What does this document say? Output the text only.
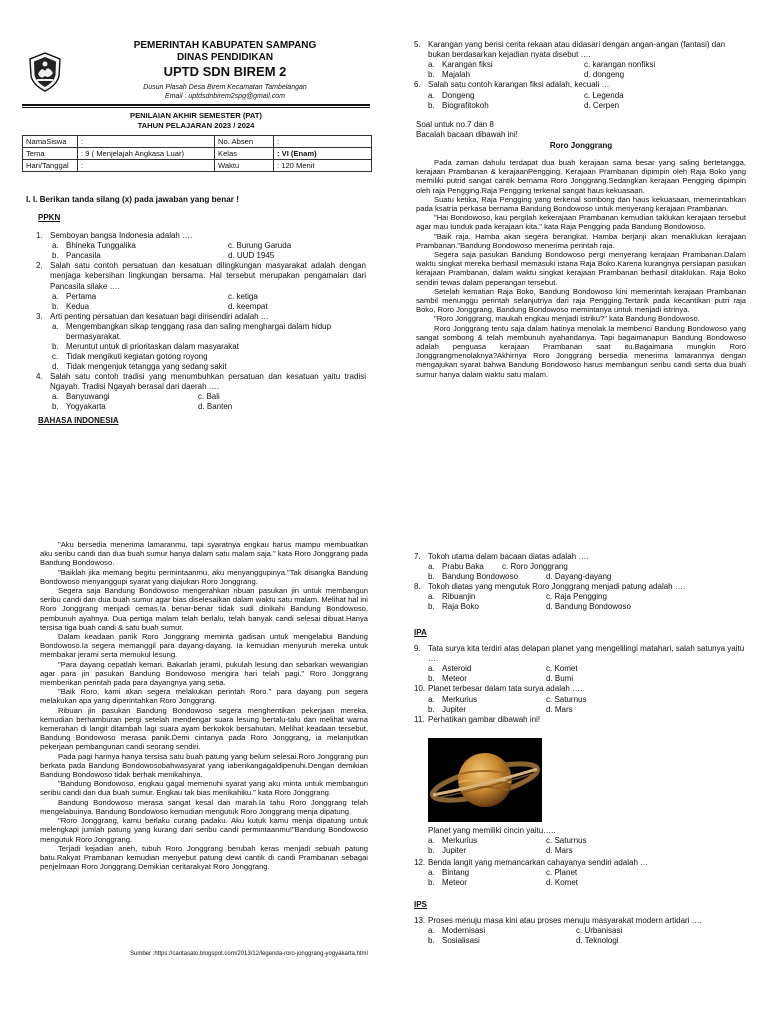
PEMERINTAH KABUPATEN SAMPANG
DINAS PENDIDIKAN
UPTD SDN BIREM 2
Dusun Plasah Desa Birem Kecamatan Tambelangan
Email : uptdsdnbirem2spg@gmail.com
PENILAIAN AKHIR SEMESTER (PAT)
TAHUN PELAJARAN 2023 / 2024
NamaSiswa	:	No. Absen	:
Tema	: 9 ( Menjelajah Angkasa Luar)	Kelas	: VI (Enam)
Hari/Tanggal	:	Waktu	: 120 Menit
I. I. Berikan tanda silang (x) pada jawaban yang benar !
PPKN
1. Semboyan bangsa Indonesia adalah ….
a. Bhineka Tunggalika	c. Burung Garuda
b. Pancasila	d. UUD 1945
2. Salah satu contoh persatuan dan kesatuan dilingkungan masyarakat adalah dengan menjaga kebersihan lingkungan bersama. Hal tersebut merupakan pengamalan dari Pancasila silake ….
a. Pertama	c. ketiga
b. Kedua	d. keempat
3. Arti penting persatuan dan kesatuan bagi dirisendiri adalah …
a. Mengembangkan sikap tenggang rasa dan saling menghargai dalam hidup bermasyarakat.
b. Meruntut untuk di prioritaskan dalam masyarakat
c. Tidak mengikuti kegiatan gotong royong
d. Tidak mengenjuk tetangga yang sedang sakit
4. Salah satu contoh tradisi yang menumbuhkan persatuan dan kesatuan yaitu tradisi Ngayah. Tradisi Ngayah berasal dari daerah ….
a. Banyuwangi	c. Bali
b. Yogyakarta	d. Banten
BAHASA INDONESIA
5. Karangan yang berisi cerita rekaan atau didasari dengan angan-angan (fantasi) dan bukan berdasarkan kejadian nyata disebut ….
a. Karangan fiksi	c. karangan nonfiksi
b. Majalah	d. dongeng
6. Salah satu contoh karangan fiksi adalah, kecuali …
a. Dongeng	c. Legenda
b. Biografitokoh	d. Cerpen
Soal untuk no.7 dan 8
Bacalah bacaan dibawah ini!
Roro Jonggrang

Pada zaman dahulu terdapat dua buah kerajaan sama besar yang saling bertetangga, kerajaan Prambanan & kerajaanPengging. Kerajaan Prambanan dipimpin oleh Raja Boko yang memiliki putrid sangat cantik bernama Roro Jonggrang.Sedangkan kerajaan Pengging dipimpin oleh raja Pengging.Raja Pengging terkenal sangat haus kekuasaan.

Suatu ketika, Raja Pengging yang terkenal sombong dan haus kekuasaan, memerintahkan pada ksatria perkasa bernama Bandung Bondowoso untuk menyerang kerajaan Prambanan.

"Hai Bondowoso, kau pergilah kekerajaan Prambanan kemudian taklukan kerajaan tersebut agar mau tunduk pada kerajaan kita." kata Raja Pengging pada Bandung Bondowoso.

"Baik raja. Hamba akan segera berangkat. Hamba berjanji akan menaklukan kerajaan Prambanan."Bandung Bondowoso menerima perintah raja.

Segera saja pasukan Bandung Bondowoso pergi menyerang kerajaan Prambanan.Dalam waktu singkat mereka berhasil memasuki istana Raja Boko.Karena kurangnya persiapan pasukan kerajaan Prambanan, dalam waktu singkat kerajaan Prambanan berhasil ditaklukan. Raja Boko sendiri tewas dalam peperangan tersebut.

Setelah kematian Raja Boko, Bandung Bondowoso kini memerintah kerajaan Prambanan sambil menunggu perintah selanjutnya dari raja Pengging.Tertarik pada kecantikan putri raja Boko, Roro Jonggrang, Bandung Bondowoso memintanya untuk menjadi istrinya.

"Roro Jonggrang, maukah engkau menjadi istriku?" kata Bandung Bondowoso.

Roro Jonggrang tentu saja dalam hatinya menolak.Ia membenci Bandung Bondowoso yang sangat sombong & telah membunuh ayahandanya. Tapi bagaimanapun Bandung Bondowoso adalah penguasa kerajaan Prambanan saat itu.Bagaimana mungkin Roro Jonggrangmenolaknya?Akhirnya Roro Jonggrang bersedia menerima lamarannya dengan mengajukan syarat bahwa Bandung Bondowoso harus membangun seribu candi serta dua buah sumur hanya dalam waktu satu malam.

"Aku bersedia menerima lamaranmu, tapi syaratnya engkau harus mampu membuatkan aku seribu candi dan dua buah sumur hanya dalam satu malam saja." kata Roro Jonggrang pada Bandung Bondowoso.

"Baiklah jika memang begitu permintaanmu, aku menyanggupinya."Tak disangka Bandung Bondowoso menyanggupi syarat yang diajukan Roro Jonggrang.

Segera saja Bandung Bondowoso mengerahkan ribuan pasukan jin untuk membangun seribu candi dan dua buah sumur agar bias diselesaikan dalam waktu satu malam. Melihat hal ini Roro Jonggrang menjadi cemas.Ia benar-benar tidak sudi dinikahi Bandung Bondowoso, pembunuh ayahnya. Dua pertiga malam telah berlalu, telah banyak candi selesai dibuat.Hanya tersisa tiga buah candi & satu buah sumur.

Dalam keadaan panik Roro Jonggrang meminta gadisan untuk mengelabui Bandung Bondowoso.Ia segera memanggil para dayang-dayang. Ia kemudian menyuruh mereka untuk membakar jerami serta memukul lesung.

"Para dayang cepatlah kemari. Bakarlah jerami, pukulah lesung dan sebarkan wewangian agar para jin pasukan Bandung Bondowoso mengira hari telah pagi." Roro Jonggrang memberikan perintah pada para dayangnya yang setia.

"Baik Roro, kami akan segera melakukan perintah Roro." para dayang pun segera melakukan apa yang diperintahkan Roro Jonggrang.

Ribuan jin pasukan Bandung Bondowoso segera menghentikan pekerjaan mereka, kemudian berhamburan pergi setelah mendengar suara lesung bertalu-talu dan melihat warna kemerahan di langit ditambah lagi suara ayam berkokok bersahutan. Melihat keadaan tersebut, Bandung Bondowoso merasa panik.Demi cintanya pada Roro Jonggrang, ia melanjutkan pekerjaan pembangunan candi seorang sendiri.

Pada pagi harinya hanya tersisa satu buah patung yang belum selesai.Roro Jonggrang pun berkata pada Bandung Bondowosobahwasyarat yang iaberikangagaldipenuhi.Dengan demikian Bandung Bondowoso tidak berhak menikahinya.

"Bandung Bondowoso, engkau gagal memenuhi syarat yang aku minta untuk membangun seribu candi dan dua buah sumur. Engkau tak bias menikahiku." kata Roro Jonggrang.

Bandung Bondowoso merasa sangat kesal dan marah.Ia tahu Roro Jonggrang telah mengelabuinya. Bandung Bondowoso kemudian mengutuk Roro Jonggrang menja dipatung.

"Roro Jonggrang, kamu berlaku curang padaku. Aku kutuk kamu menja dipatung untuk melengkapi jumlah patung yang kurang dari seribu candi permintaanmu!"Bandung Bondowoso mengutuk Roro Jonggrang.

Terjadi kejadian aneh, tubuh Roro Jonggrang berubah keras menjadi sebuah patung batu.Rakyat Prambanan kemudian menyebut patung dewi cantik di candi Prambanan sebagai penjelmaan Roro Jonggrang.Demikian ceritarakyat Roro Jonggrang.

Sumber :https://caritasato.blogspot.com/2013/12/legenda-roro-jonggrang-yogyakarta.html
7. Tokoh utama dalam bacaan diatas adalah ….
a. Prabu Baka	c. Roro Jonggrang
b. Bandung Bondowoso	d. Dayang-dayang
8. Tokoh diatas yang mengutuk Roro Jonggrang menjadi patung adalah ….
a. Ribuanjin	c. Raja Pengging
b. Raja Boko	d. Bandung Bondowoso
IPA
9. Tata surya kita terdiri atas delapan planet yang mengelilingi matahari, salah satunya yaitu ….
a. Asteroid	c. Komet
b. Meteor	d. Bumi
10. Planet terbesar dalam tata surya adalah ….
a. Merkurius	c. Saturnus
b. Jupiter	d. Mars
11. Perhatikan gambar dibawah ini!
Planet yang memiliki cincin yaitu…..
a. Merkurius	c. Saturnus
b. Jupiter	d. Mars
12. Benda langit yang memancarkan cahayanya sendiri adalah …
a. Bintang	c. Planet
b. Meteor	d. Komet
IPS
13. Proses menuju masa kini atau proses menuju masyarakat modern artidari ….
a. Modernisasi	c. Urbanisasi
b. Sosialisasi	d. Teknologi
